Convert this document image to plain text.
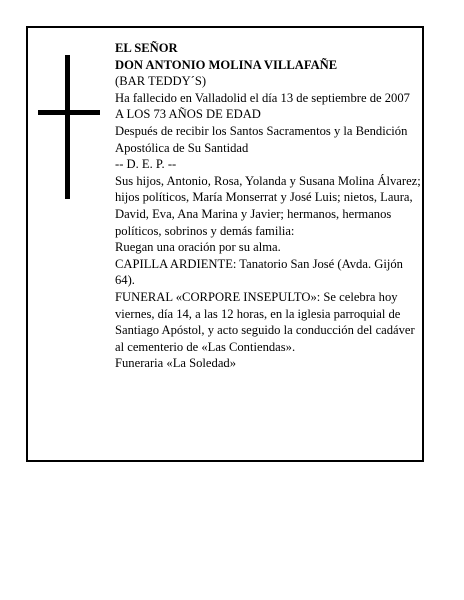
EL SEÑOR

DON ANTONIO MOLINA VILLAFAÑE

(BAR TEDDY´S)

Ha fallecido en Valladolid el día 13 de septiembre de 2007

A LOS 73 AÑOS DE EDAD

Después de recibir los Santos Sacramentos y la Bendición Apostólica de Su Santidad

-- D. E. P. --

Sus hijos, Antonio, Rosa, Yolanda y Susana Molina Álvarez; hijos políticos, María Monserrat y José Luis; nietos, Laura, David, Eva, Ana Marina y Javier; hermanos, hermanos políticos, sobrinos y demás familia:

Ruegan una oración por su alma.

CAPILLA ARDIENTE: Tanatorio San José (Avda. Gijón 64).

FUNERAL «CORPORE INSEPULTO»: Se celebra hoy viernes, día 14, a las 12 horas, en la iglesia parroquial de Santiago Apóstol, y acto seguido la conducción del cadáver al cementerio de «Las Contiendas».

Funeraria «La Soledad»
